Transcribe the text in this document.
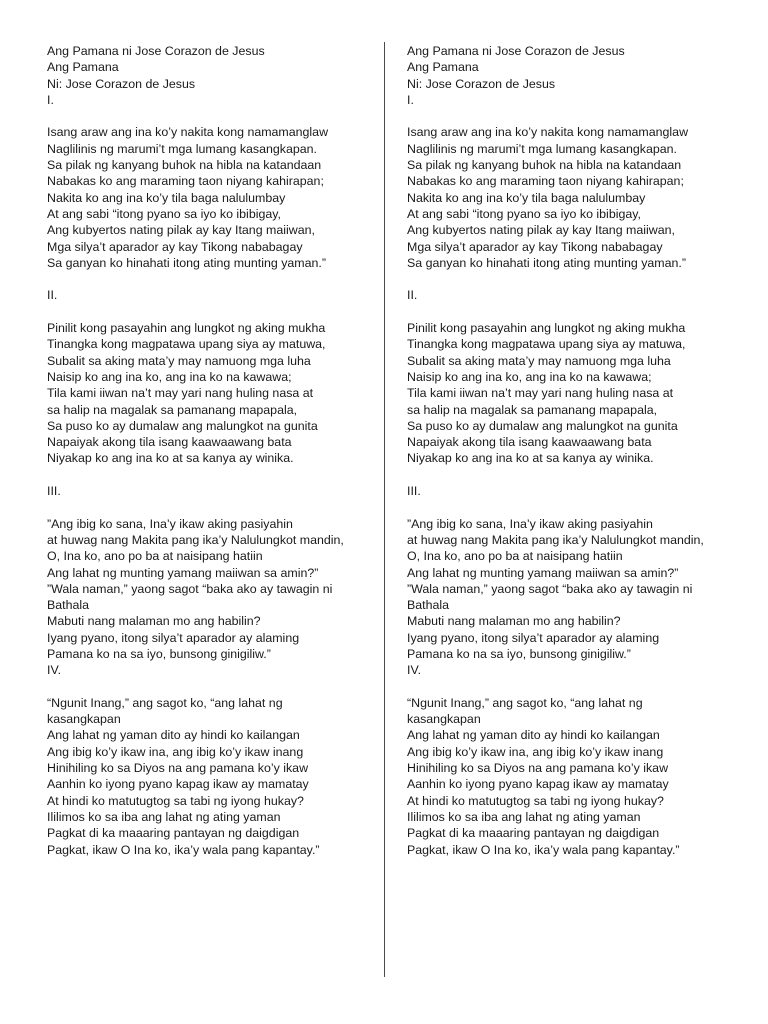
Ang Pamana ni Jose Corazon de Jesus
Ang Pamana
Ni: Jose Corazon de Jesus
I.
Isang araw ang ina ko’y nakita kong namamanglaw
Naglilinis ng marumi’t mga lumang kasangkapan.
Sa pilak ng kanyang buhok na hibla na katandaan
Nabakas ko ang maraming taon niyang kahirapan;
Nakita ko ang ina ko’y tila baga nalulumbay
At ang sabi “itong pyano sa iyo ko ibibigay,
Ang kubyertos nating pilak ay kay Itang maiiwan,
Mga silya’t aparador ay kay Tikong nababagay
Sa ganyan ko hinahati itong ating munting yaman.”
II.
Pinilit kong pasayahin ang lungkot ng aking mukha
Tinangka kong magpatawa upang siya ay matuwa,
Subalit sa aking mata’y may namuong mga luha
Naisip ko ang ina ko, ang ina ko na kawawa;
Tila kami iiwan na’t may yari nang huling nasa at
sa halip na magalak sa pamanang mapapala,
Sa puso ko ay dumalaw ang malungkot na gunita
Napaiyak akong tila isang kaawaawang bata
Niyakap ko ang ina ko at sa kanya ay winika.
III.
”Ang ibig ko sana, Ina’y ikaw aking pasiyahin
at huwag nang Makita pang ika’y Nalulungkot mandin,
O, Ina ko, ano po ba at naisipang hatiin
Ang lahat ng munting yamang maiiwan sa amin?”
”Wala naman,” yaong sagot “baka ako ay tawagin ni
Bathala
Mabuti nang malaman mo ang habilin?
Iyang pyano, itong silya’t aparador ay alaming
Pamana ko na sa iyo, bunsong ginigiliw.”
IV.
“Ngunit Inang,” ang sagot ko, “ang lahat ng
kasangkapan
Ang lahat ng yaman dito ay hindi ko kailangan
Ang ibig ko’y ikaw ina, ang ibig ko’y ikaw inang
Hinihiling ko sa Diyos na ang pamana ko’y ikaw
Aanhin ko iyong pyano kapag ikaw ay mamatay
At hindi ko matutugtog sa tabi ng iyong hukay?
Ililimos ko sa iba ang lahat ng ating yaman
Pagkat di ka maaaring pantayan ng daigdigan
Pagkat, ikaw O Ina ko, ika’y wala pang kapantay.”
Ang Pamana ni Jose Corazon de Jesus
Ang Pamana
Ni: Jose Corazon de Jesus
I.
Isang araw ang ina ko’y nakita kong namamanglaw
Naglilinis ng marumi’t mga lumang kasangkapan.
Sa pilak ng kanyang buhok na hibla na katandaan
Nabakas ko ang maraming taon niyang kahirapan;
Nakita ko ang ina ko’y tila baga nalulumbay
At ang sabi “itong pyano sa iyo ko ibibigay,
Ang kubyertos nating pilak ay kay Itang maiiwan,
Mga silya’t aparador ay kay Tikong nababagay
Sa ganyan ko hinahati itong ating munting yaman.”
II.
Pinilit kong pasayahin ang lungkot ng aking mukha
Tinangka kong magpatawa upang siya ay matuwa,
Subalit sa aking mata’y may namuong mga luha
Naisip ko ang ina ko, ang ina ko na kawawa;
Tila kami iiwan na’t may yari nang huling nasa at
sa halip na magalak sa pamanang mapapala,
Sa puso ko ay dumalaw ang malungkot na gunita
Napaiyak akong tila isang kaawaawang bata
Niyakap ko ang ina ko at sa kanya ay winika.
III.
”Ang ibig ko sana, Ina’y ikaw aking pasiyahin
at huwag nang Makita pang ika’y Nalulungkot mandin,
O, Ina ko, ano po ba at naisipang hatiin
Ang lahat ng munting yamang maiiwan sa amin?”
”Wala naman,” yaong sagot “baka ako ay tawagin ni
Bathala
Mabuti nang malaman mo ang habilin?
Iyang pyano, itong silya’t aparador ay alaming
Pamana ko na sa iyo, bunsong ginigiliw.”
IV.
“Ngunit Inang,” ang sagot ko, “ang lahat ng
kasangkapan
Ang lahat ng yaman dito ay hindi ko kailangan
Ang ibig ko’y ikaw ina, ang ibig ko’y ikaw inang
Hinihiling ko sa Diyos na ang pamana ko’y ikaw
Aanhin ko iyong pyano kapag ikaw ay mamatay
At hindi ko matutugtog sa tabi ng iyong hukay?
Ililimos ko sa iba ang lahat ng ating yaman
Pagkat di ka maaaring pantayan ng daigdigan
Pagkat, ikaw O Ina ko, ika’y wala pang kapantay.”
